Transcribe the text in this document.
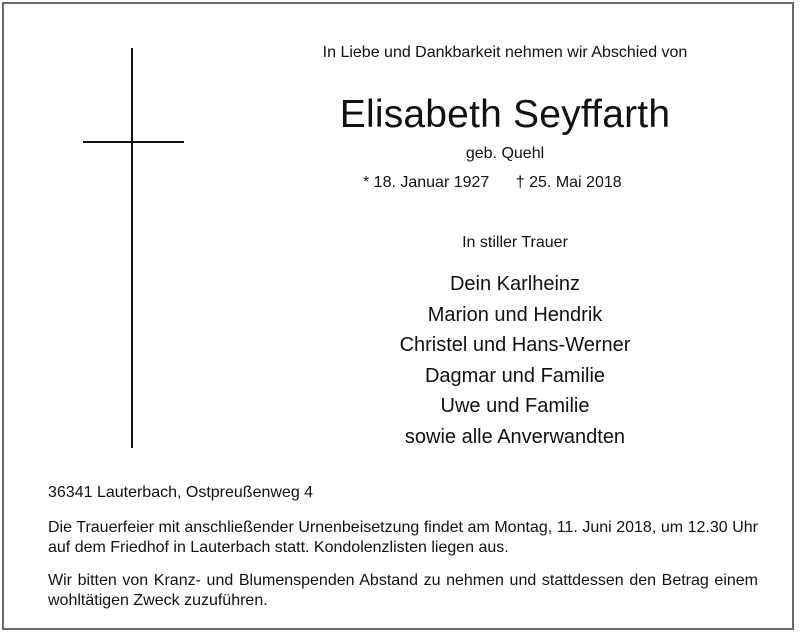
In Liebe und Dankbarkeit nehmen wir Abschied von
Elisabeth Seyffarth
geb. Quehl
* 18. Januar 1927 † 25. Mai 2018
In stiller Trauer
Dein Karlheinz
Marion und Hendrik
Christel und Hans-Werner
Dagmar und Familie
Uwe und Familie
sowie alle Anverwandten
36341 Lauterbach, Ostpreußenweg 4

Die Trauerfeier mit anschließender Urnenbeisetzung findet am Montag, 11. Juni 2018, um 12.30 Uhr auf dem Friedhof in Lauterbach statt. Kondolenzlisten liegen aus.

Wir bitten von Kranz- und Blumenspenden Abstand zu nehmen und stattdessen den Betrag einem wohltätigen Zweck zuzuführen.
